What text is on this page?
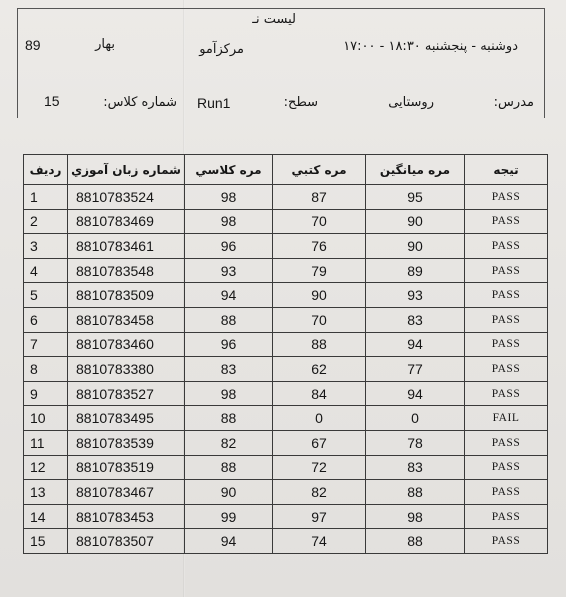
لیست نـ
89	بهار	مرکزآمو	دوشنبه - پنجشنبه ۱۸:۳۰ - ۱۷:۰۰
15	شماره کلاس: Run1	سطح:	روستایی	مدرس:
ردیف	شماره زبان آموزي	مره كلاسي	مره كتبي	مره ميانگين	تيجه
1	8810783524	98	87	95	PASS
2	8810783469	98	70	90	PASS
3	8810783461	96	76	90	PASS
4	8810783548	93	79	89	PASS
5	8810783509	94	90	93	PASS
6	8810783458	88	70	83	PASS
7	8810783460	96	88	94	PASS
8	8810783380	83	62	77	PASS
9	8810783527	98	84	94	PASS
10	8810783495	88	0	0	FAIL
11	8810783539	82	67	78	PASS
12	8810783519	88	72	83	PASS
13	8810783467	90	82	88	PASS
14	8810783453	99	97	98	PASS
15	8810783507	94	74	88	PASS
